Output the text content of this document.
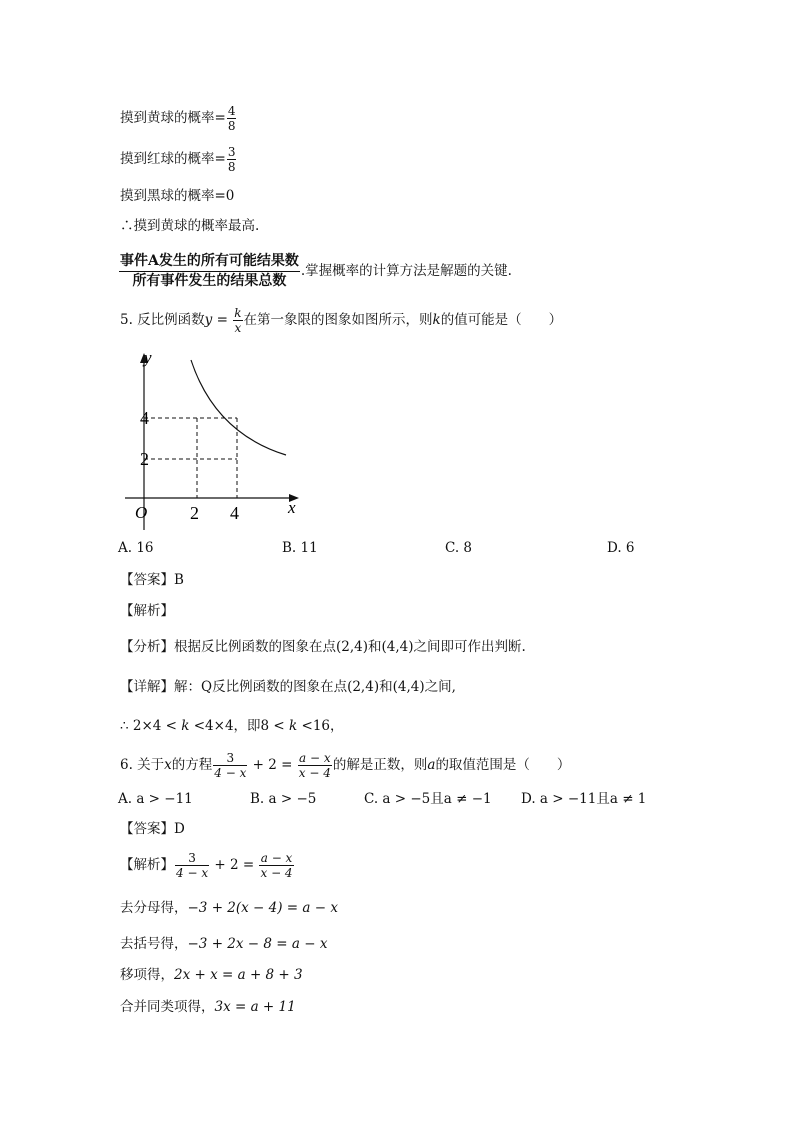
摸到黄球的概率= $\frac{4}{8}$
摸到红球的概率= $\frac{3}{8}$
摸到黑球的概率=0
∴摸到黄球的概率最高.
$\frac{\text{事件A发生的所有可能结果数}}{\text{所有事件发生的结果总数}}$ .掌握概率的计算方法是解题的关键.
5. 反比例函数$y = \frac{k}{x}$ 在第一象限的图象如图所示，则k的值可能是（　　）
y
x
O
4
2
2 4
A. 16	B. 11	C. 8	D. 6
【答案】B
【解析】
【分析】根据反比例函数的图象在点(2,4)和(4,4)之间即可作出判断.
【详解】解：Q反比例函数的图象在点(2,4)和(4,4)之间,
∴ 2×4 < k <4×4，即8 < k <16，
6. 关于x的方程 $\frac{3}{4 - x} + 2 = \frac{a - x}{x - 4}$ 的解是正数，则a的取值范围是（　　）
A. a > −11	B. a > −5	C. a > −5且a ≠ −1 D. a > −11且a ≠ 1
【答案】D
【解析】 $\frac{3}{4 - x} + 2 = \frac{a - x}{x - 4}$
去分母得，−3 + 2(x − 4) = a − x
去括号得，−3 + 2x − 8 = a − x
移项得，2x + x = a + 8 + 3
合并同类项得，3x = a + 11
